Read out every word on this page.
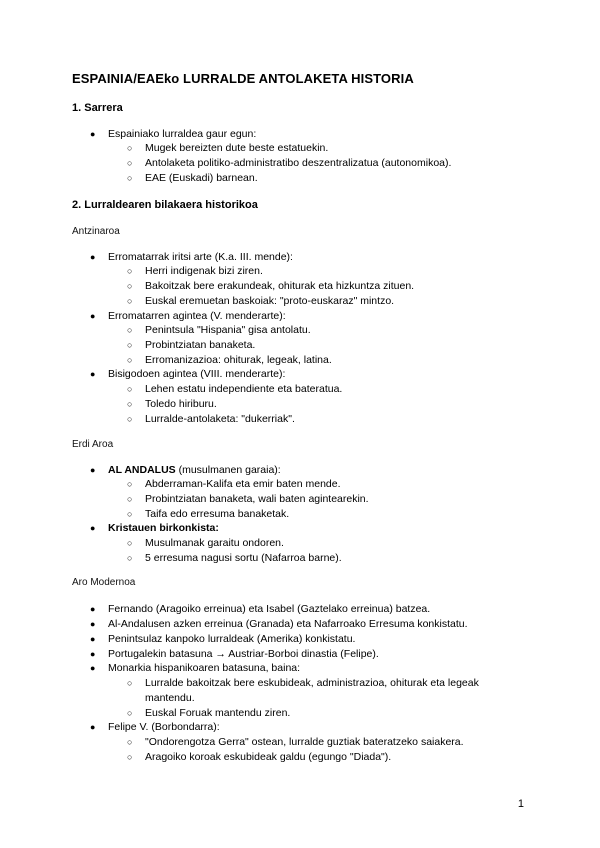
ESPAINIA/EAEko LURRALDE ANTOLAKETA HISTORIA
1. Sarrera
● Espainiako lurraldea gaur egun:
○ Mugek bereizten dute beste estatuekin.
○ Antolaketa politiko-administratibo deszentralizatua (autonomikoa).
○ EAE (Euskadi) barnean.
2. Lurraldearen bilakaera historikoa
Antzinaroa
● Erromatarrak iritsi arte (K.a. III. mende):
○ Herri indigenak bizi ziren.
○ Bakoitzak bere erakundeak, ohiturak eta hizkuntza zituen.
○ Euskal eremuetan baskoiak: "proto-euskaraz" mintzo.
● Erromatarren agintea (V. menderarte):
○ Penintsula "Hispania" gisa antolatu.
○ Probintziatan banaketa.
○ Erromanizazioa: ohiturak, legeak, latina.
● Bisigodoen agintea (VIII. menderarte):
○ Lehen estatu independiente eta bateratua.
○ Toledo hiriburu.
○ Lurralde-antolaketa: "dukerriak".
Erdi Aroa
● AL ANDALUS (musulmanen garaia):
○ Abderraman-Kalifa eta emir baten mende.
○ Probintziatan banaketa, wali baten agintearekin.
○ Taifa edo erresuma banaketak.
● Kristauen birkonkista:
○ Musulmanak garaitu ondoren.
○ 5 erresuma nagusi sortu (Nafarroa barne).
Aro Modernoa
● Fernando (Aragoiko erreinua) eta Isabel (Gaztelako erreinua) batzea.
● Al-Andalusen azken erreinua (Granada) eta Nafarroako Erresuma konkistatu.
● Penintsulaz kanpoko lurraldeak (Amerika) konkistatu.
● Portugalekin batasuna → Austriar-Borboi dinastia (Felipe).
● Monarkia hispanikoaren batasuna, baina:
○ Lurralde bakoitzak bere eskubideak, administrazioa, ohiturak eta legeak
mantendu.
○ Euskal Foruak mantendu ziren.
● Felipe V. (Borbondarra):
○ "Ondorengotza Gerra" ostean, lurralde guztiak bateratzeko saiakera.
○ Aragoiko koroak eskubideak galdu (egungo "Diada").
1
